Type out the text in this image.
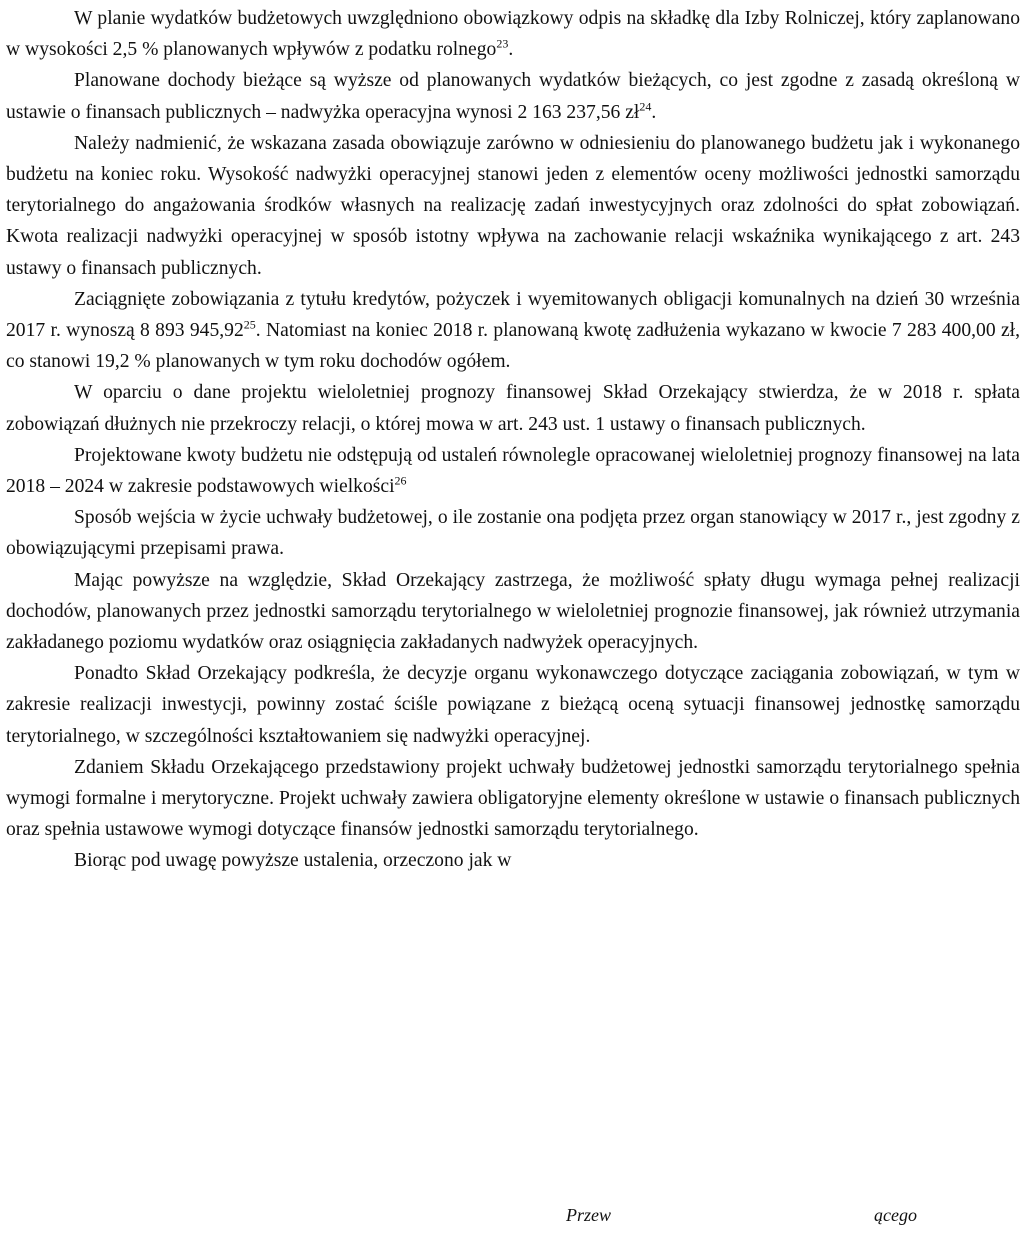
W planie wydatków budżetowych uwzględniono obowiązkowy odpis na składkę dla Izby Rolniczej, który zaplanowano w wysokości 2,5 % planowanych wpływów z podatku rolnego$^{23}$.

Planowane dochody bieżące są wyższe od planowanych wydatków bieżących, co jest zgodne z zasadą określoną w ustawie o finansach publicznych – nadwyżka operacyjna wynosi 2 163 237,56 $zł^{24}$.

Należy nadmienić, że wskazana zasada obowiązuje zarówno w odniesieniu do planowanego budżetu jak i wykonanego budżetu na koniec roku. Wysokość nadwyżki operacyjnej stanowi jeden z elementów oceny możliwości jednostki samorządu terytorialnego do angażowania środków własnych na realizację zadań inwestycyjnych oraz zdolności do spłat zobowiązań. Kwota realizacji nadwyżki operacyjnej w sposób istotny wpływa na zachowanie relacji wskaźnika wynikającego z art. 243 ustawy o finansach publicznych.

Zaciągnięte zobowiązania z tytułu kredytów, pożyczek i wyemitowanych obligacji komunalnych na dzień 30 września 2017 r. wynoszą 8 893 945,92$^{25}$. Natomiast na koniec 2018 r. planowaną kwotę zadłużenia wykazano w kwocie 7 283 400,00 zł, co stanowi 19,2 % planowanych w tym roku dochodów ogółem.

W oparciu o dane projektu wieloletniej prognozy finansowej Skład Orzekający stwierdza, że w 2018 r. spłata zobowiązań dłużnych nie przekroczy relacji, o której mowa w art. 243 ust. 1 ustawy o finansach publicznych.

Projektowane kwoty budżetu nie odstępują od ustaleń równolegle opracowanej wieloletniej prognozy finansowej na lata 2018 – 2024 w zakresie podstawowych wielkości$^{26}$

Sposób wejścia w życie uchwały budżetowej, o ile zostanie ona podjęta przez organ stanowiący w 2017 r., jest zgodny z obowiązującymi przepisami prawa.

Mając powyższe na względzie, Skład Orzekający zastrzega, że możliwość spłaty długu wymaga pełnej realizacji dochodów, planowanych przez jednostki samorządu terytorialnego w wieloletniej prognozie finansowej, jak również utrzymania zakładanego poziomu wydatków oraz osiągnięcia zakładanych nadwyżek operacyjnych.

Ponadto Skład Orzekający podkreśla, że decyzje organu wykonawczego dotyczące zaciągania zobowiązań, w tym w zakresie realizacji inwestycji, powinny zostać ściśle powiązane z bieżącą oceną sytuacji finansowej jednostkę samorządu terytorialnego, w szczególności kształtowaniem się nadwyżki operacyjnej.

Zdaniem Składu Orzekającego przedstawiony projekt uchwały budżetowej jednostki samorządu terytorialnego spełnia wymogi formalne i merytoryczne. Projekt uchwały zawiera obligatoryjne elementy określone w ustawie o finansach publicznych oraz spełnia ustawowe wymogi dotyczące finansów jednostki samorządu terytorialnego.

Biorąc pod uwagę powyższe ustalenia, orzeczono jak w

Przew	ącego
